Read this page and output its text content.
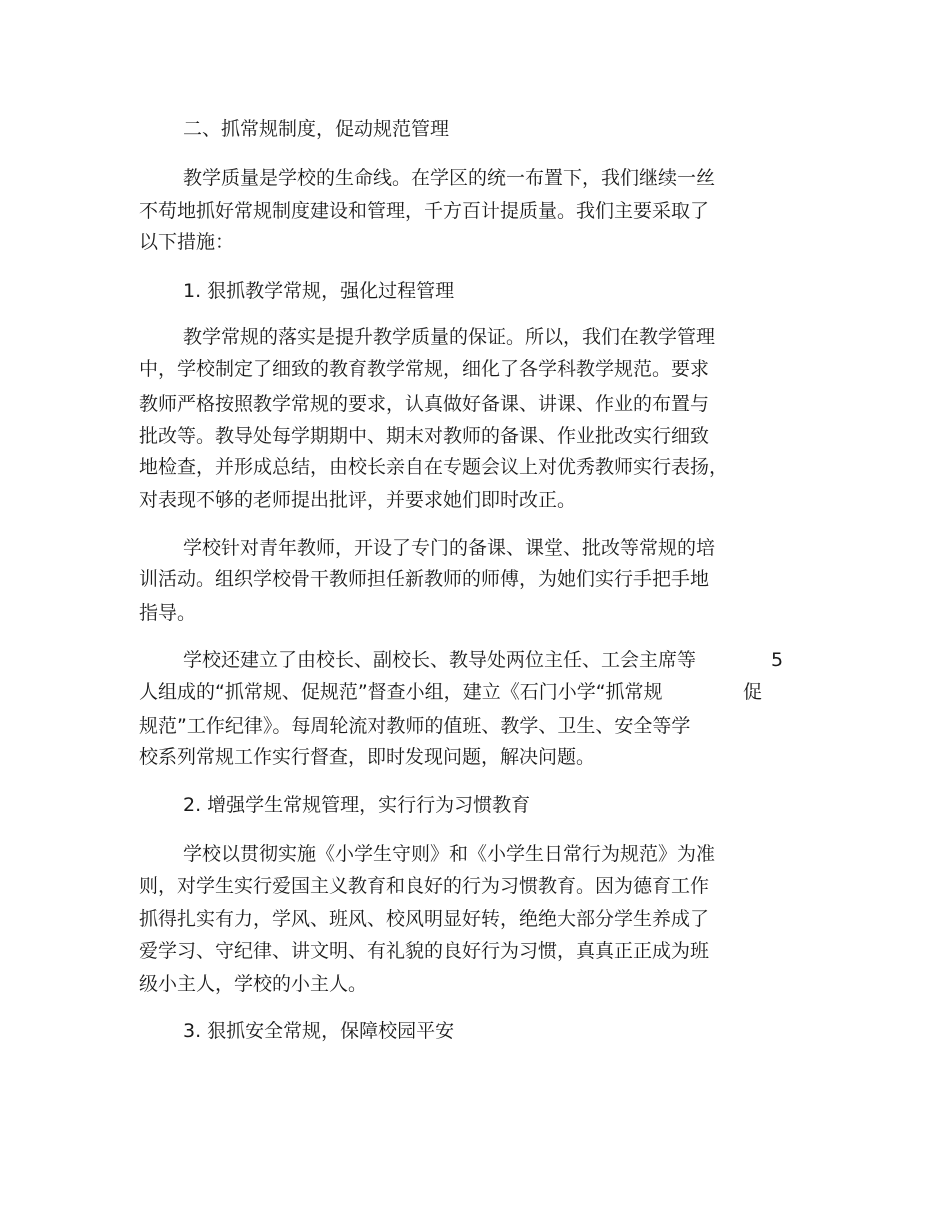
二、抓常规制度，促动规范管理

教学质量是学校的生命线。在学区的统一布置下，我们继续一丝

不苟地抓好常规制度建设和管理，千方百计提质量。我们主要采取了

以下措施：

1. 狠抓教学常规，强化过程管理

教学常规的落实是提升教学质量的保证。所以，我们在教学管理

中，学校制定了细致的教育教学常规，细化了各学科教学规范。要求

教师严格按照教学常规的要求，认真做好备课、讲课、作业的布置与

批改等。教导处每学期期中、期末对教师的备课、作业批改实行细致

地检查，并形成总结，由校长亲自在专题会议上对优秀教师实行表扬，

对表现不够的老师提出批评，并要求她们即时改正。

学校针对青年教师，开设了专门的备课、课堂、批改等常规的培

训活动。组织学校骨干教师担任新教师的师傅，为她们实行手把手地

指导。

学校还建立了由校长、副校长、教导处两位主任、工会主席等	5

人组成的“抓常规、促规范”督查小组，建立《石门小学“抓常规	促

规范”工作纪律》。每周轮流对教师的值班、教学、卫生、安全等学

校系列常规工作实行督查，即时发现问题，解决问题。

2. 增强学生常规管理，实行行为习惯教育

学校以贯彻实施《小学生守则》和《小学生日常行为规范》为准

则，对学生实行爱国主义教育和良好的行为习惯教育。因为德育工作

抓得扎实有力，学风、班风、校风明显好转，绝绝大部分学生养成了

爱学习、守纪律、讲文明、有礼貌的良好行为习惯，真真正正成为班

级小主人，学校的小主人。

3. 狠抓安全常规，保障校园平安
